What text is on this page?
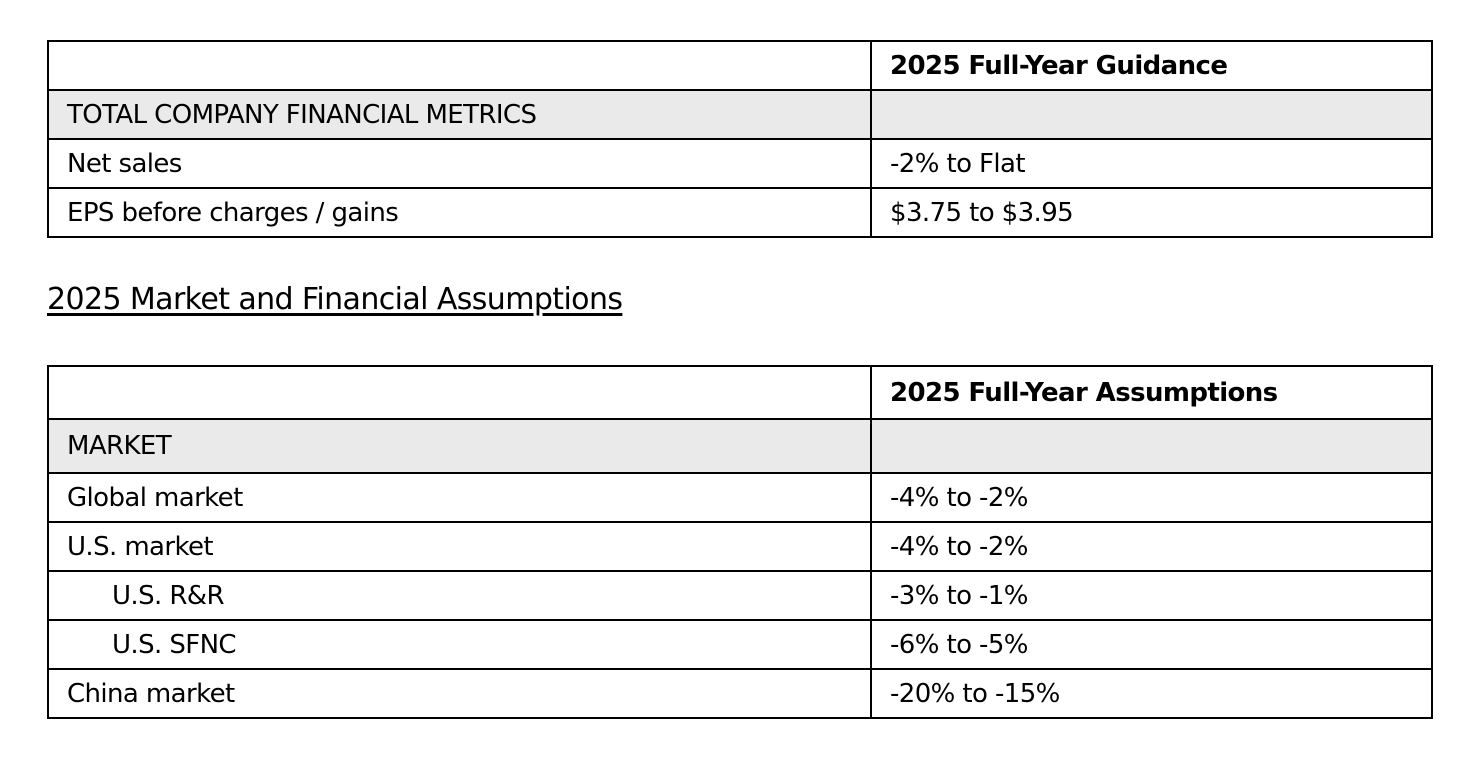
	2025 Full-Year Guidance
TOTAL COMPANY FINANCIAL METRICS	
Net sales	-2% to Flat
EPS before charges / gains	$3.75 to $3.95
2025 Market and Financial Assumptions
	2025 Full-Year Assumptions
MARKET	
Global market	-4% to -2%
U.S. market	-4% to -2%
U.S. R&R	-3% to -1%
U.S. SFNC	-6% to -5%
China market	-20% to -15%
